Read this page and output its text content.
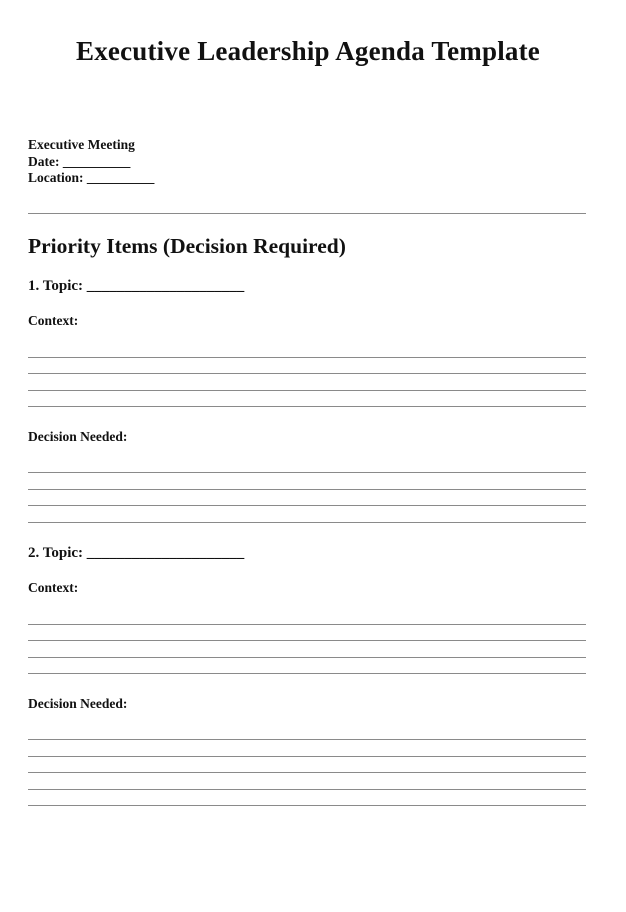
Executive Leadership Agenda Template
Executive Meeting
Date: __________
Location: __________
Priority Items (Decision Required)
1. Topic: _____________________
Context:
Decision Needed:
2. Topic: _____________________
Context:
Decision Needed:
